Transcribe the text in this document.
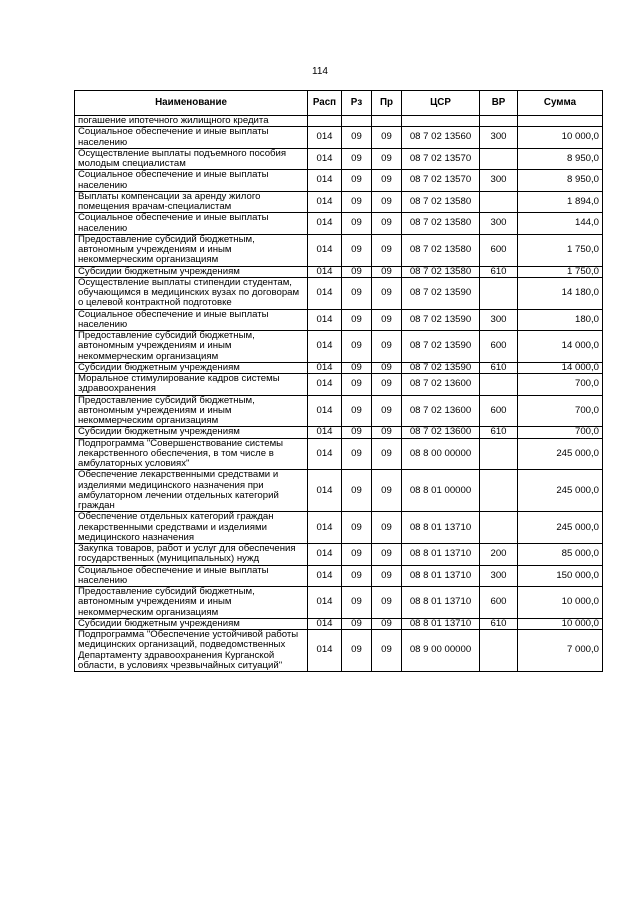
114
Наименование	Расп	Рз	Пр	ЦСР	ВР	Сумма
погашение ипотечного жилищного кредита						
Социальное обеспечение и иные выплаты населению	014	09	09	08 7 02 13560	300	10 000,0
Осуществление выплаты подъемного пособия молодым специалистам	014	09	09	08 7 02 13570		8 950,0
Социальное обеспечение и иные выплаты населению	014	09	09	08 7 02 13570	300	8 950,0
Выплаты компенсации за аренду жилого помещения врачам-специалистам	014	09	09	08 7 02 13580		1 894,0
Социальное обеспечение и иные выплаты населению	014	09	09	08 7 02 13580	300	144,0
Предоставление субсидий бюджетным, автономным учреждениям и иным некоммерческим организациям	014	09	09	08 7 02 13580	600	1 750,0
Субсидии бюджетным учреждениям	014	09	09	08 7 02 13580	610	1 750,0
Осуществление выплаты стипендии студентам, обучающимся в медицинских вузах по договорам о целевой контрактной подготовке	014	09	09	08 7 02 13590		14 180,0
Социальное обеспечение и иные выплаты населению	014	09	09	08 7 02 13590	300	180,0
Предоставление субсидий бюджетным, автономным учреждениям и иным некоммерческим организациям	014	09	09	08 7 02 13590	600	14 000,0
Субсидии бюджетным учреждениям	014	09	09	08 7 02 13590	610	14 000,0
Моральное стимулирование кадров системы здравоохранения	014	09	09	08 7 02 13600		700,0
Предоставление субсидий бюджетным, автономным учреждениям и иным некоммерческим организациям	014	09	09	08 7 02 13600	600	700,0
Субсидии бюджетным учреждениям	014	09	09	08 7 02 13600	610	700,0
Подпрограмма "Совершенствование системы лекарственного обеспечения, в том числе в амбулаторных условиях"	014	09	09	08 8 00 00000		245 000,0
Обеспечение лекарственными средствами и изделиями медицинского назначения при амбулаторном лечении отдельных категорий граждан	014	09	09	08 8 01 00000		245 000,0
Обеспечение отдельных категорий граждан лекарственными средствами и изделиями медицинского назначения	014	09	09	08 8 01 13710		245 000,0
Закупка товаров, работ и услуг для обеспечения государственных (муниципальных) нужд	014	09	09	08 8 01 13710	200	85 000,0
Социальное обеспечение и иные выплаты населению	014	09	09	08 8 01 13710	300	150 000,0
Предоставление субсидий бюджетным, автономным учреждениям и иным некоммерческим организациям	014	09	09	08 8 01 13710	600	10 000,0
Субсидии бюджетным учреждениям	014	09	09	08 8 01 13710	610	10 000,0
Подпрограмма "Обеспечение устойчивой работы медицинских организаций, подведомственных Департаменту здравоохранения Курганской области, в условиях чрезвычайных ситуаций"	014	09	09	08 9 00 00000		7 000,0
